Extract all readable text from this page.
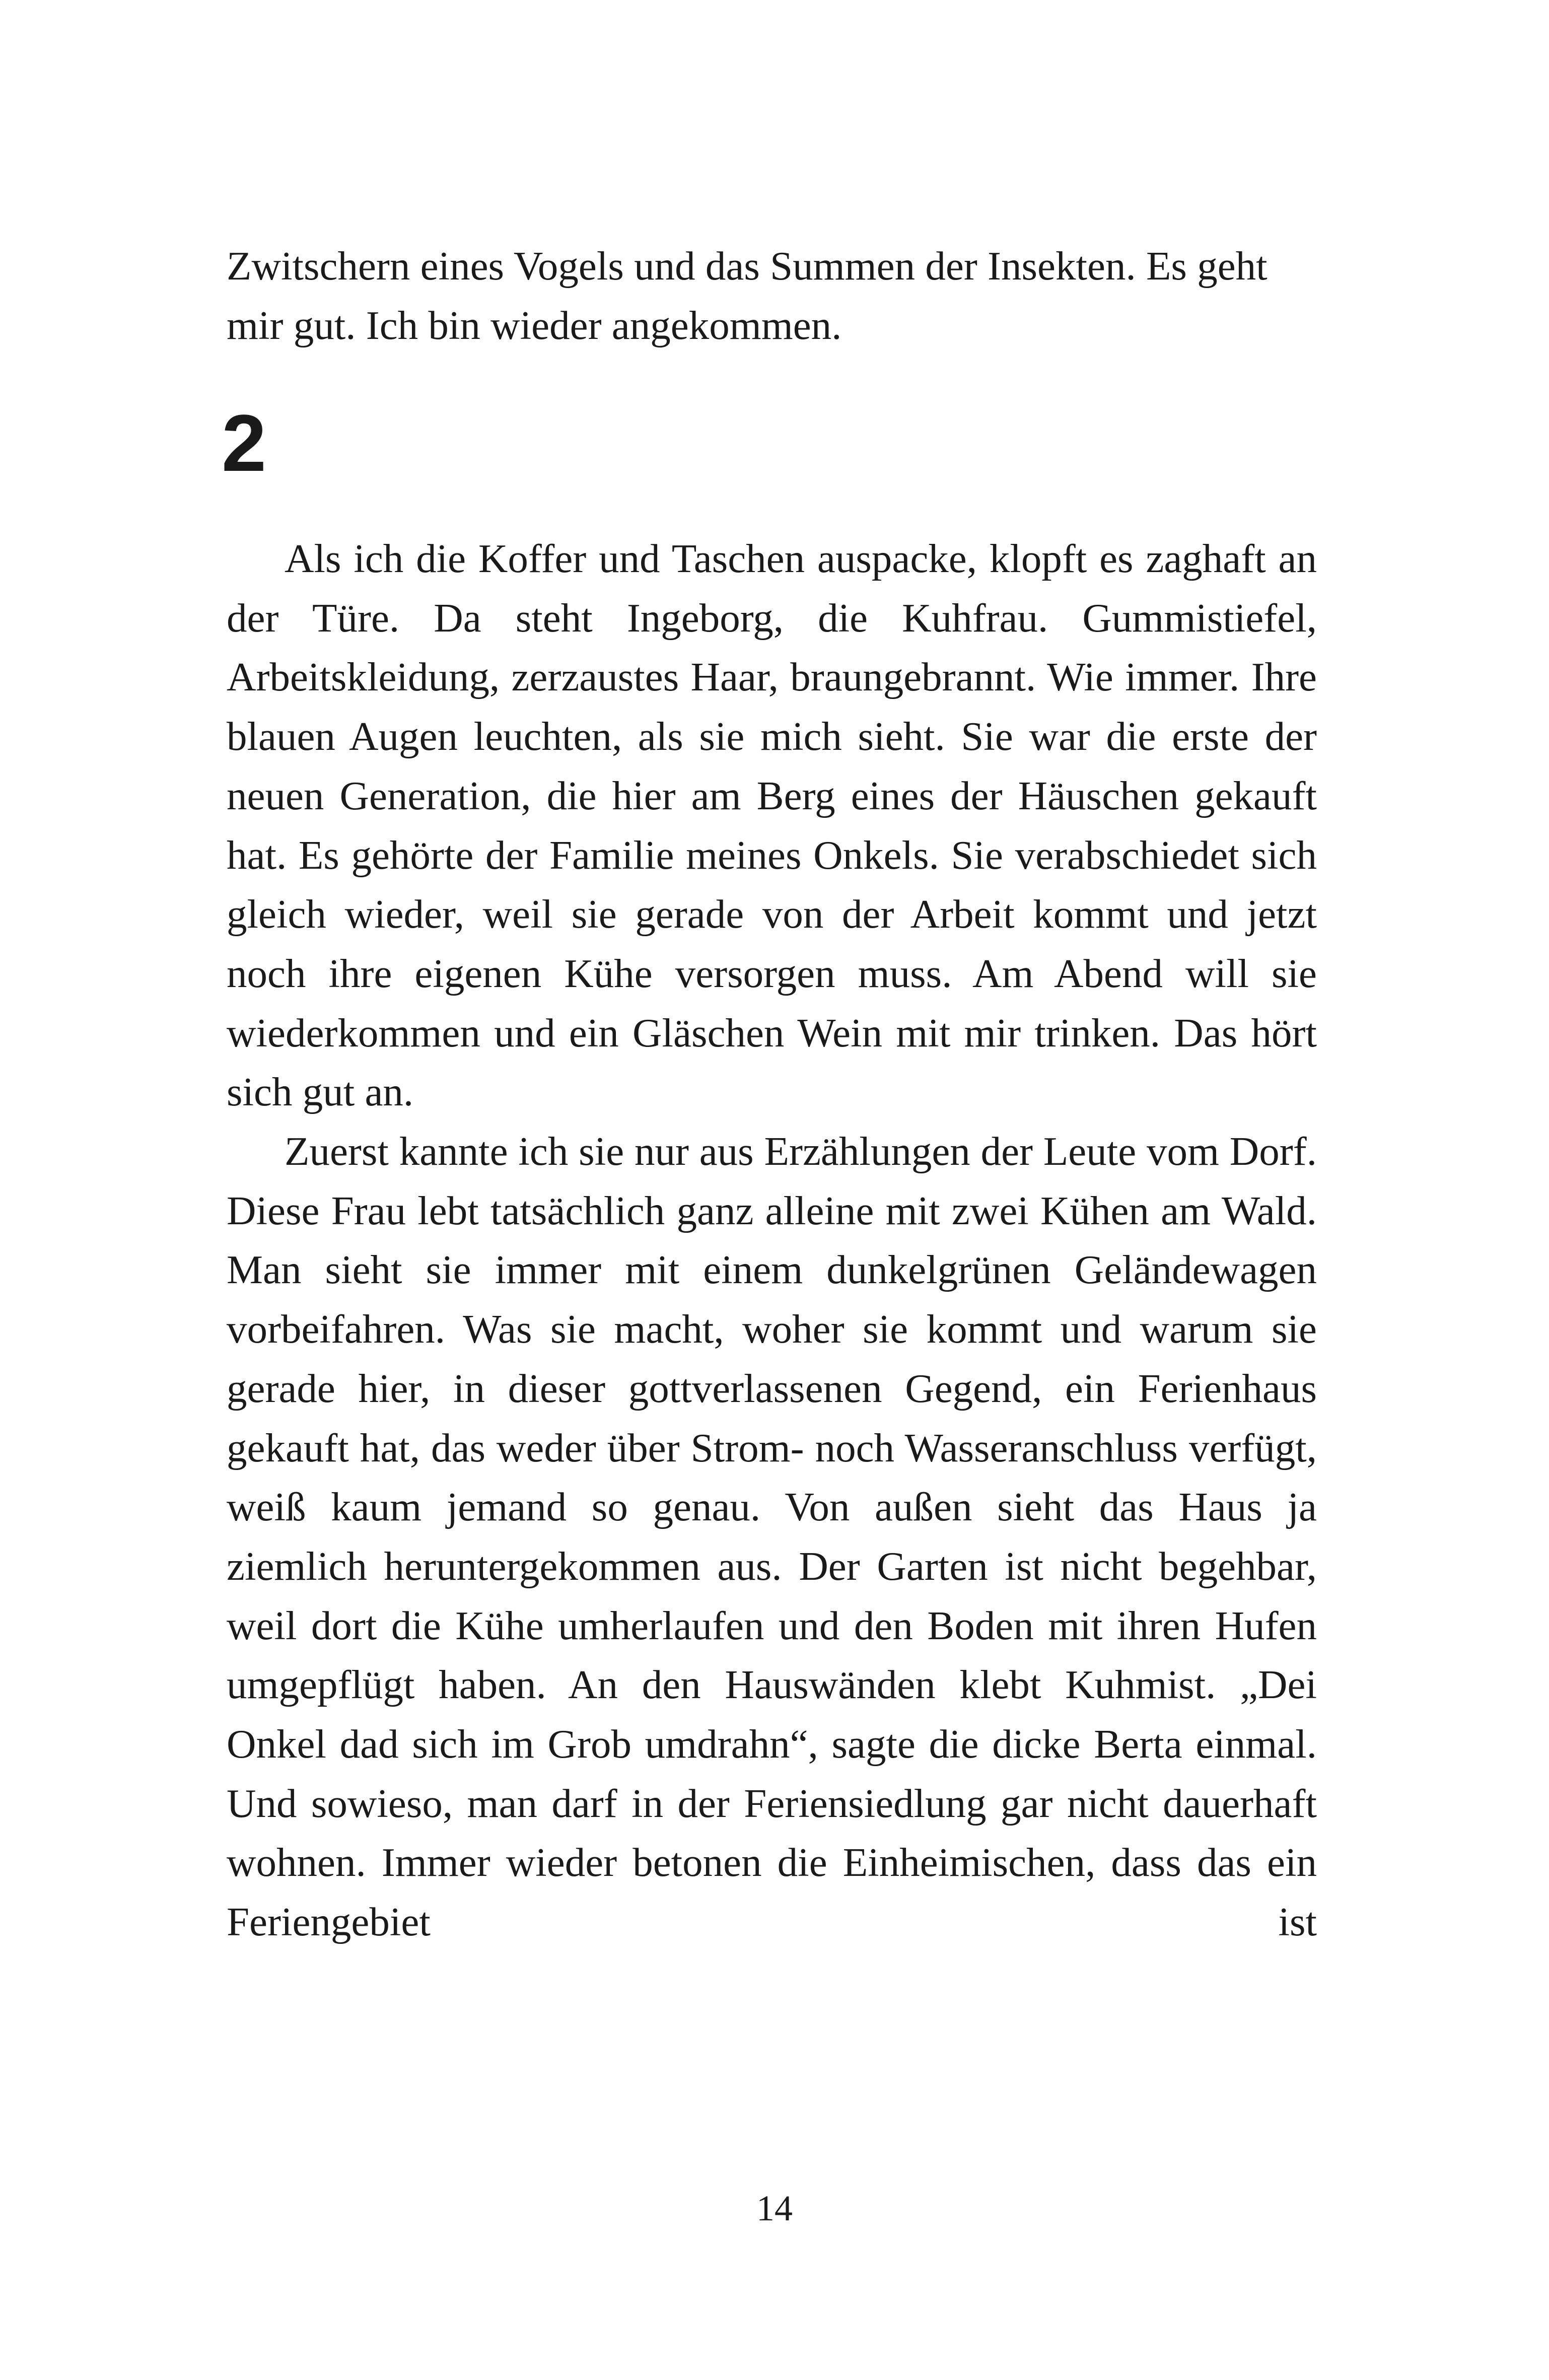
Zwitschern eines Vogels und das Summen der Insekten. Es geht mir gut. Ich bin wieder angekommen.

2

Als ich die Koffer und Taschen auspacke, klopft es zaghaft an der Türe. Da steht Ingeborg, die Kuhfrau. Gummistiefel, Arbeitskleidung, zerzaustes Haar, braungebrannt. Wie immer. Ihre blauen Augen leuchten, als sie mich sieht. Sie war die erste der neuen Generation, die hier am Berg eines der Häuschen gekauft hat. Es gehörte der Familie meines Onkels. Sie verabschiedet sich gleich wieder, weil sie gerade von der Arbeit kommt und jetzt noch ihre eigenen Kühe versorgen muss. Am Abend will sie wiederkommen und ein Gläschen Wein mit mir trinken. Das hört sich gut an.

Zuerst kannte ich sie nur aus Erzählungen der Leute vom Dorf. Diese Frau lebt tatsächlich ganz alleine mit zwei Kühen am Wald. Man sieht sie immer mit einem dunkelgrünen Geländewagen vorbeifahren. Was sie macht, woher sie kommt und warum sie gerade hier, in dieser gottverlassenen Gegend, ein Ferienhaus gekauft hat, das weder über Strom- noch Wasseranschluss verfügt, weiß kaum jemand so genau. Von außen sieht das Haus ja ziemlich heruntergekommen aus. Der Garten ist nicht begehbar, weil dort die Kühe umherlaufen und den Boden mit ihren Hufen umgepflügt haben. An den Hauswänden klebt Kuhmist. „Dei Onkel dad sich im Grob umdrahn“, sagte die dicke Berta einmal. Und sowieso, man darf in der Feriensiedlung gar nicht dauerhaft wohnen. Immer wieder betonen die Einheimischen, dass das ein Feriengebiet ist

14
